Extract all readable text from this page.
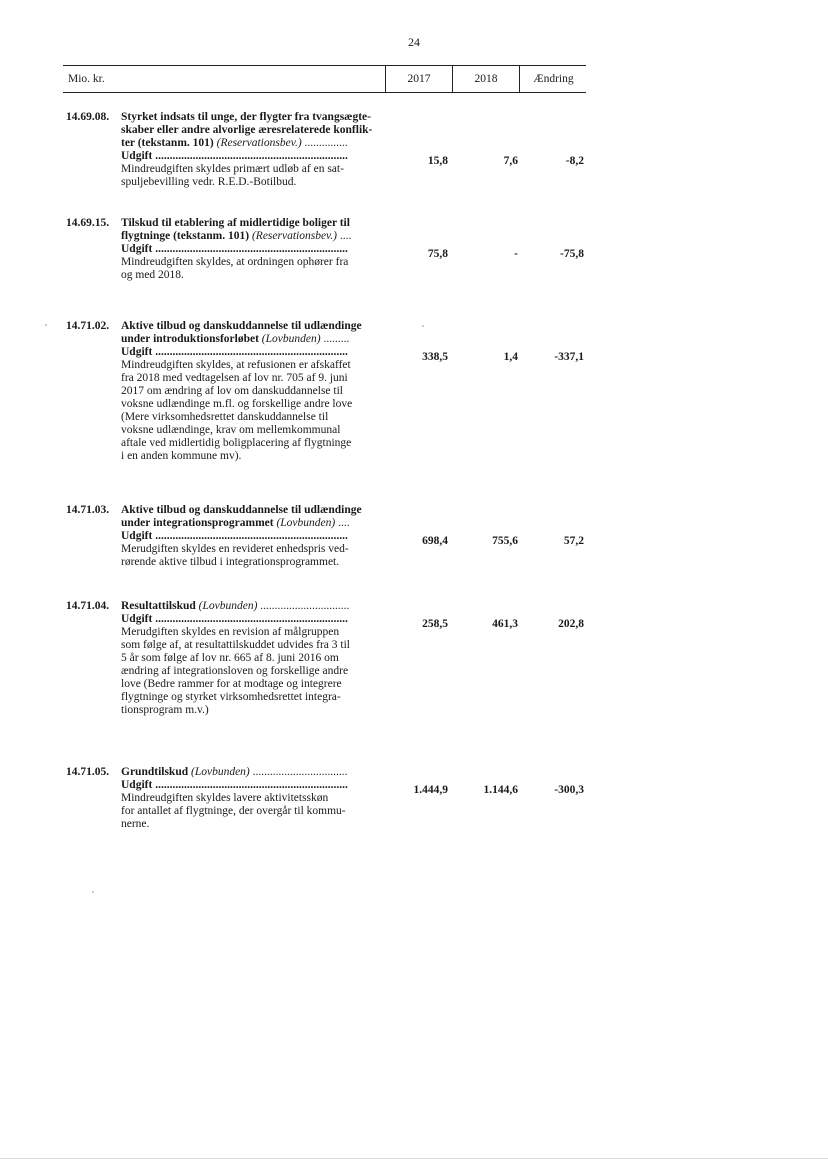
24
Mio. kr.	2017	2018	Ændring
14.69.08. Styrket indsats til unge, der flygter fra tvangsægte-
skaber eller andre alvorlige æresrelaterede konflik-
ter (tekstanm. 101) (Reservationsbev.) ...............
Udgift ...................................................................
Mindreudgiften skyldes primært udløb af en sat-
spuljebevilling vedr. R.E.D.-Botilbud.
15,8	7,6	-8,2
14.69.15. Tilskud til etablering af midlertidige boliger til
flygtninge (tekstanm. 101) (Reservationsbev.) ....
Udgift ...................................................................
Mindreudgiften skyldes, at ordningen ophører fra
og med 2018.
75,8	-	-75,8
14.71.02. Aktive tilbud og danskuddannelse til udlændinge
under introduktionsforløbet (Lovbunden) .........
Udgift ...................................................................
Mindreudgiften skyldes, at refusionen er afskaffet
fra 2018 med vedtagelsen af lov nr. 705 af 9. juni
2017 om ændring af lov om danskuddannelse til
voksne udlændinge m.fl. og forskellige andre love
(Mere virksomhedsrettet danskuddannelse til
voksne udlændinge, krav om mellemkommunal
aftale ved midlertidig boligplacering af flygtninge
i en anden kommune mv).
338,5	1,4	-337,1
14.71.03. Aktive tilbud og danskuddannelse til udlændinge
under integrationsprogrammet (Lovbunden) ....
Udgift ...................................................................
Merudgiften skyldes en revideret enhedspris ved-
rørende aktive tilbud i integrationsprogrammet.
698,4	755,6	57,2
14.71.04. Resultattilskud (Lovbunden) ...............................
Udgift ...................................................................
Merudgiften skyldes en revision af målgruppen
som følge af, at resultattilskuddet udvides fra 3 til
5 år som følge af lov nr. 665 af 8. juni 2016 om
ændring af integrationsloven og forskellige andre
love (Bedre rammer for at modtage og integrere
flygtninge og styrket virksomhedsrettet integra-
tionsprogram m.v.)
258,5	461,3	202,8
14.71.05. Grundtilskud (Lovbunden) .................................
Udgift ...................................................................
Mindreudgiften skyldes lavere aktivitetsskøn
for antallet af flygtninge, der overgår til kommu-
nerne.
1.444,9	1.144,6	-300,3
